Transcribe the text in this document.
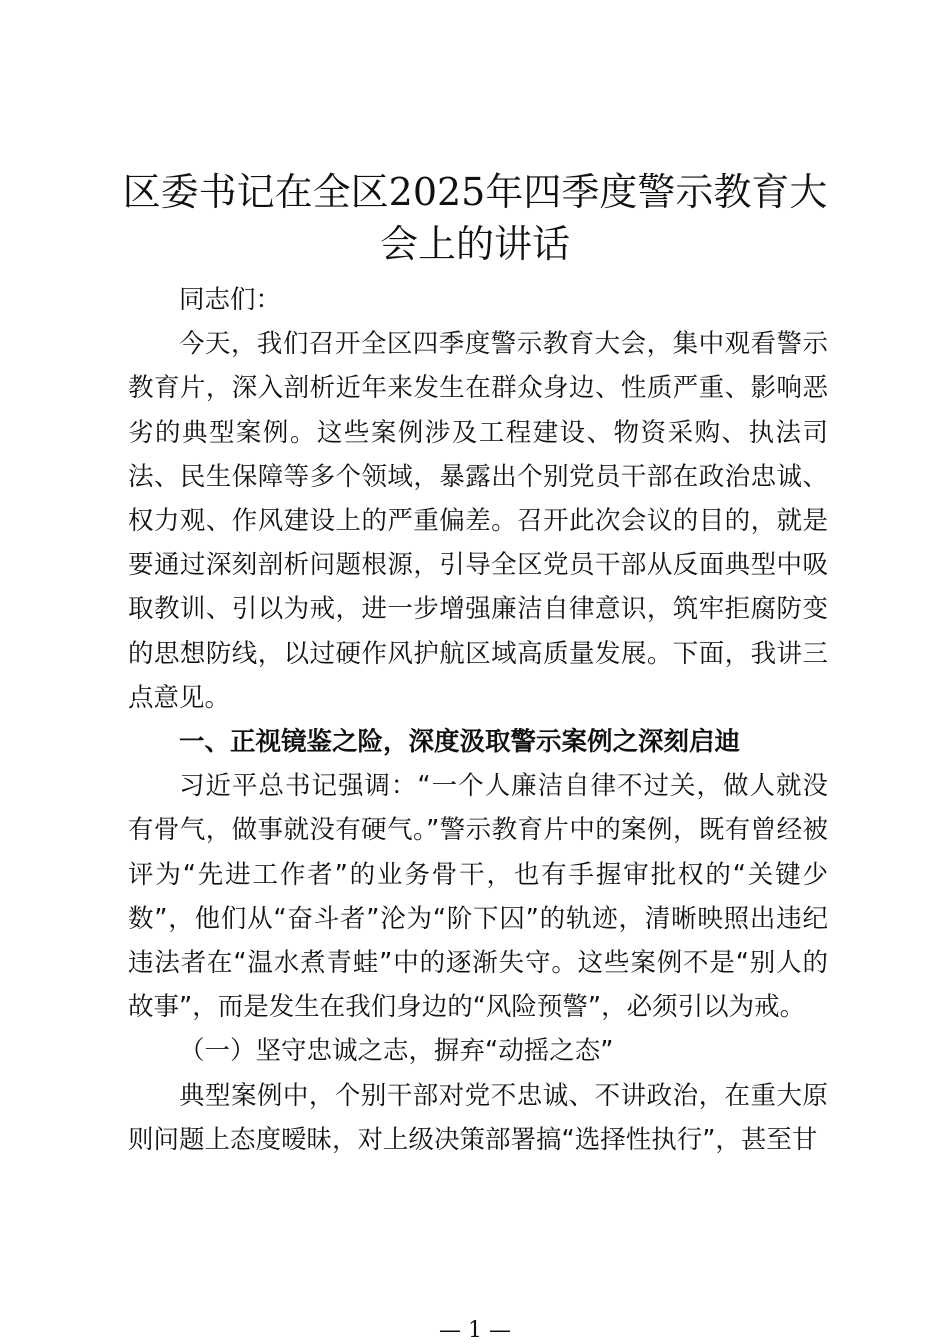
区委书记在全区2025年四季度警示教育大会上的讲话

同志们：

今天，我们召开全区四季度警示教育大会，集中观看警示教育片，深入剖析近年来发生在群众身边、性质严重、影响恶劣的典型案例。这些案例涉及工程建设、物资采购、执法司法、民生保障等多个领域，暴露出个别党员干部在政治忠诚、权力观、作风建设上的严重偏差。召开此次会议的目的，就是要通过深刻剖析问题根源，引导全区党员干部从反面典型中吸取教训、引以为戒，进一步增强廉洁自律意识，筑牢拒腐防变的思想防线，以过硬作风护航区域高质量发展。下面，我讲三点意见。

一、正视镜鉴之险，深度汲取警示案例之深刻启迪

习近平总书记强调：“一个人廉洁自律不过关，做人就没有骨气，做事就没有硬气。”警示教育片中的案例，既有曾经被评为“先进工作者”的业务骨干，也有手握审批权的“关键少数”，他们从“奋斗者”沦为“阶下囚”的轨迹，清晰映照出违纪违法者在“温水煮青蛙”中的逐渐失守。这些案例不是“别人的故事”，而是发生在我们身边的“风险预警”，必须引以为戒。

（一）坚守忠诚之志，摒弃“动摇之态”

典型案例中，个别干部对党不忠诚、不讲政治，在重大原则问题上态度暧昧，对上级决策部署搞“选择性执行”，甚至甘

— 1 —
